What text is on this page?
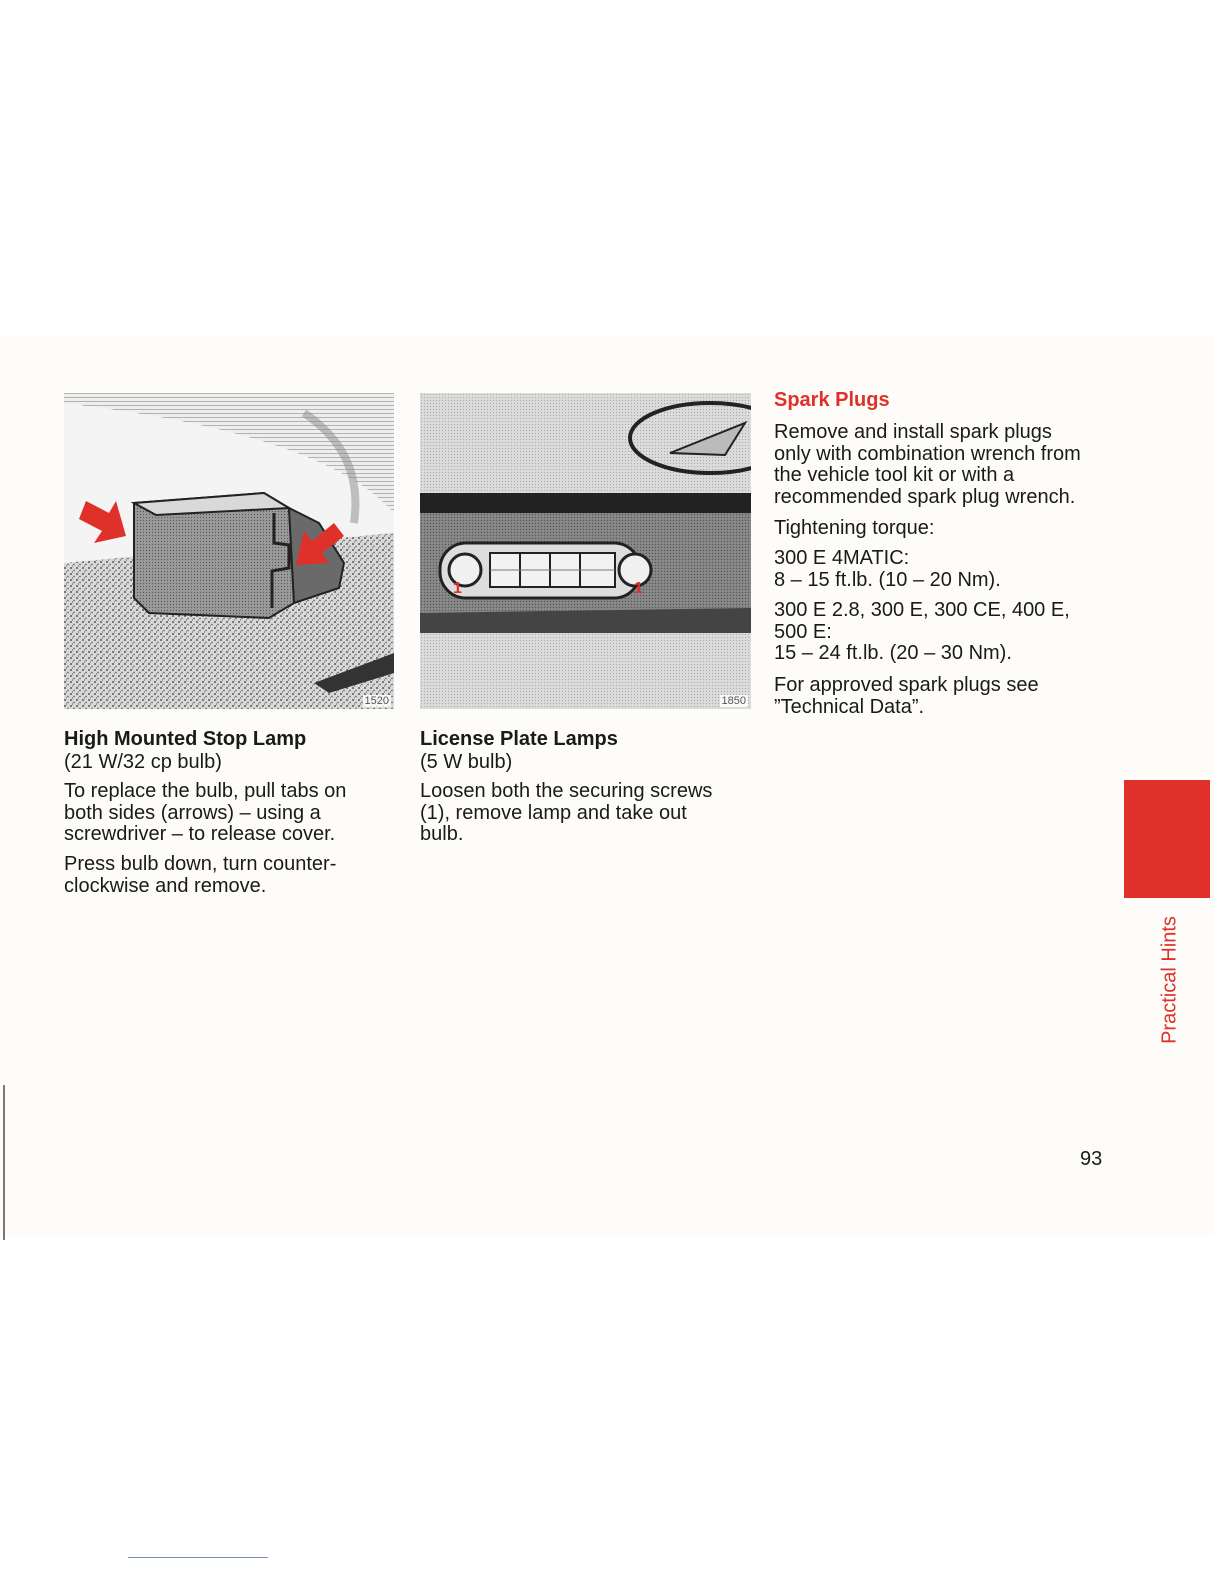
1520
1	1
1850
High Mounted Stop Lamp

(21 W/32 cp bulb)

To replace the bulb, pull tabs on
both sides (arrows) – using a
screwdriver – to release cover.
Press bulb down, turn counter-
clockwise and remove.
License Plate Lamps

(5 W bulb)

Loosen both the securing screws
(1), remove lamp and take out
bulb.
Spark Plugs
Remove and install spark plugs
only with combination wrench from
the vehicle tool kit or with a
recommended spark plug wrench.
Tightening torque:
300 E 4MATIC:
8 – 15 ft.lb. (10 – 20 Nm).
300 E 2.8, 300 E, 300 CE, 400 E,
500 E:
15 – 24 ft.lb. (20 – 30 Nm).
For approved spark plugs see
”Technical Data”.
Practical Hints

93
